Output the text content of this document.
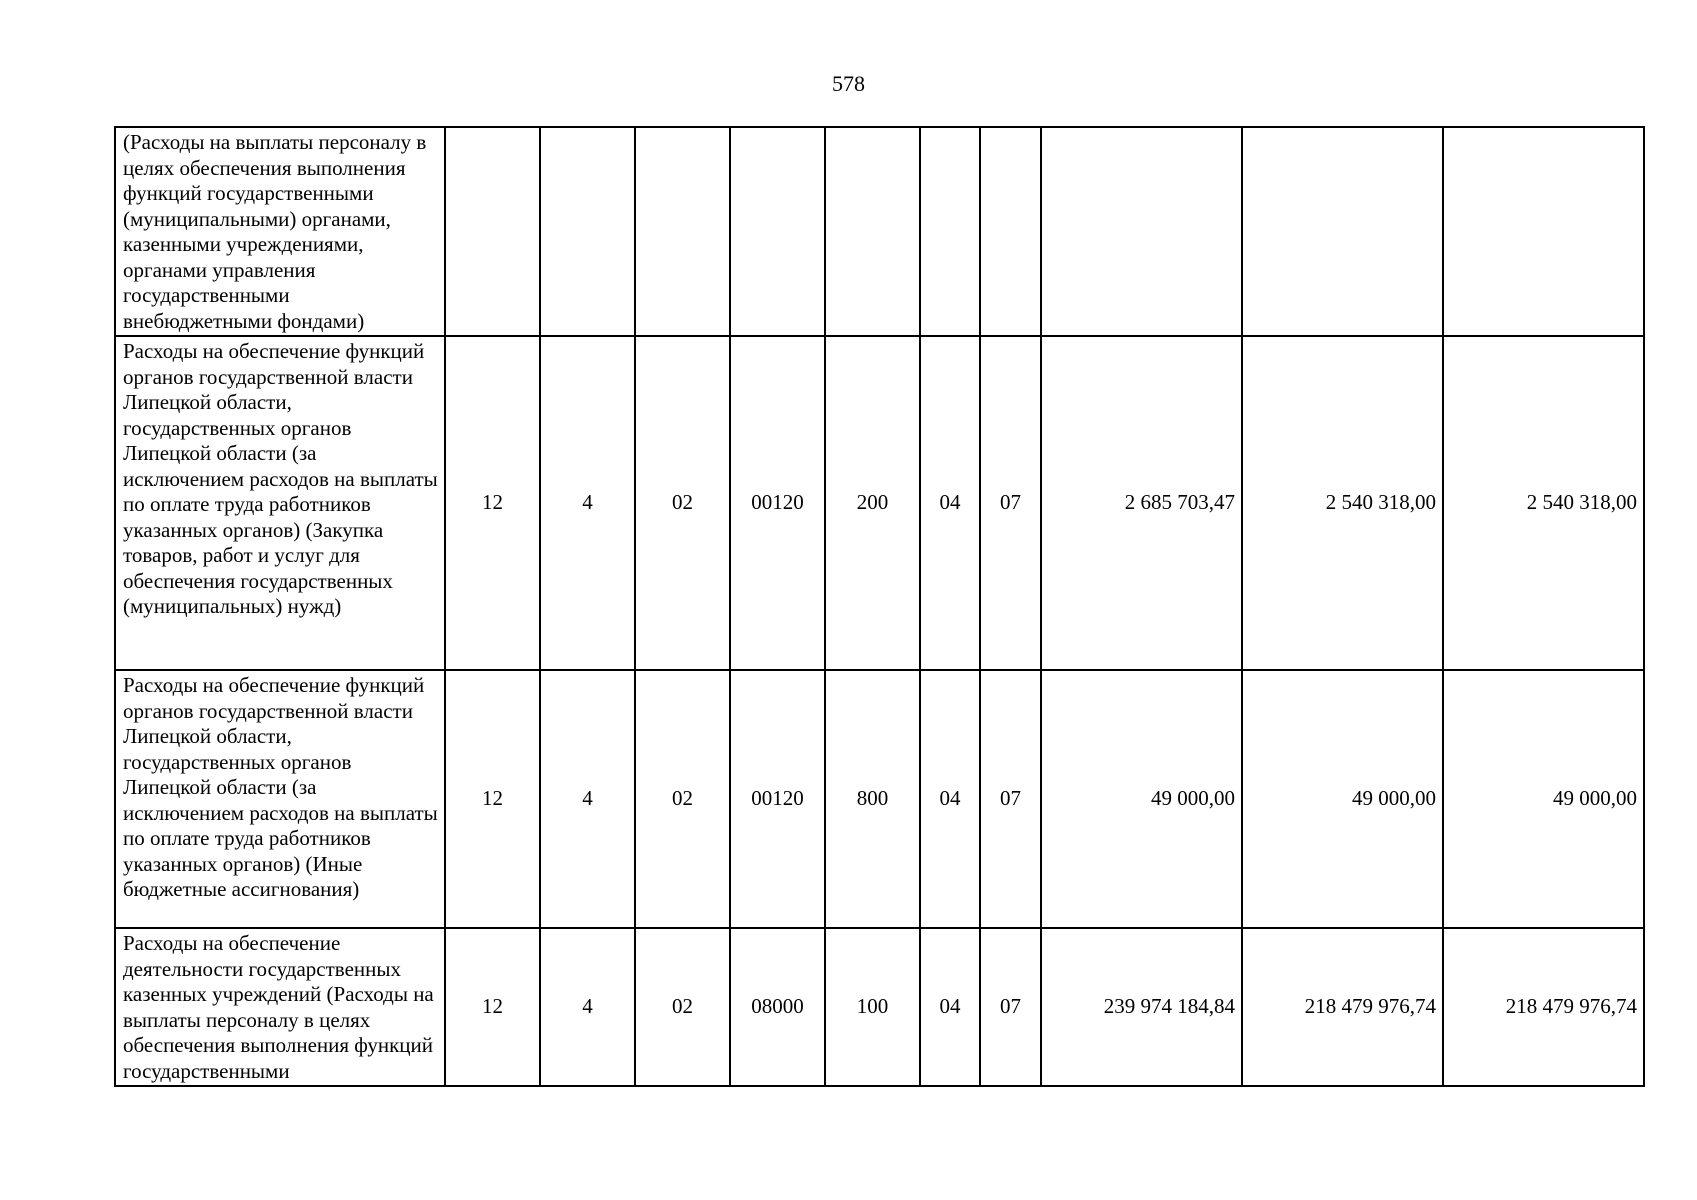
578
(Расходы на выплаты персоналу в целях обеспечения выполнения функций государственными (муниципальными) органами, казенными учреждениями, органами управления государственными внебюджетными фондами)										
Расходы на обеспечение функций органов государственной власти Липецкой области, государственных органов Липецкой области (за исключением расходов на выплаты по оплате труда работников указанных органов) (Закупка товаров, работ и услуг для обеспечения государственных (муниципальных) нужд)	12	4	02	00120	200	04	07	2 685 703,47	2 540 318,00	2 540 318,00
Расходы на обеспечение функций органов государственной власти Липецкой области, государственных органов Липецкой области (за исключением расходов на выплаты по оплате труда работников указанных органов) (Иные бюджетные ассигнования)	12	4	02	00120	800	04	07	49 000,00	49 000,00	49 000,00
Расходы на обеспечение деятельности государственных казенных учреждений (Расходы на выплаты персоналу в целях обеспечения выполнения функций государственными	12	4	02	08000	100	04	07	239 974 184,84	218 479 976,74	218 479 976,74
